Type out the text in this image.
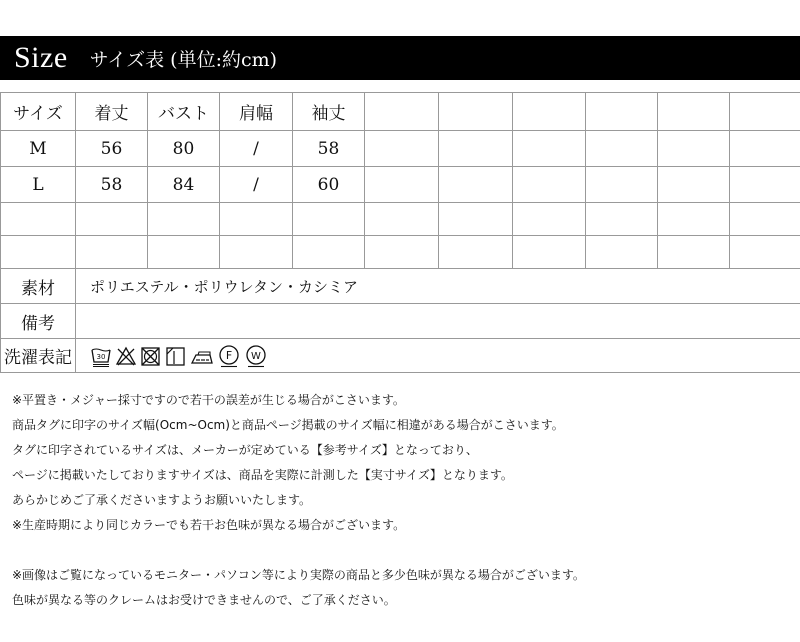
Size サイズ表 (単位:約cm)
サイズ	着丈	バスト	肩幅	袖丈						
M	56	80	/	58						
L	58	84	/	60						

素材	ポリエステル・ポリウレタン・カシミア									
備考										
洗濯表記	30 F W									
※平置き・メジャー採寸ですので若干の誤差が生じる場合がこさいます。
商品タグに印字のサイズ幅(Ocm~Ocm)と商品ページ掲載のサイズ幅に相違がある場合がこさいます。
タグに印字されているサイズは、メーカーが定めている【参考サイズ】となっており、
ページに掲載いたしておりますサイズは、商品を実際に計測した【実寸サイズ】となります。
あらかじめご了承くださいますようお願いいたします。
※生産時期により同じカラーでも若干お色味が異なる場合がございます。
※画像はご覧になっているモニター・パソコン等により実際の商品と多少色味が異なる場合がございます。
色味が異なる等のクレームはお受けできませんので、ご了承ください。
